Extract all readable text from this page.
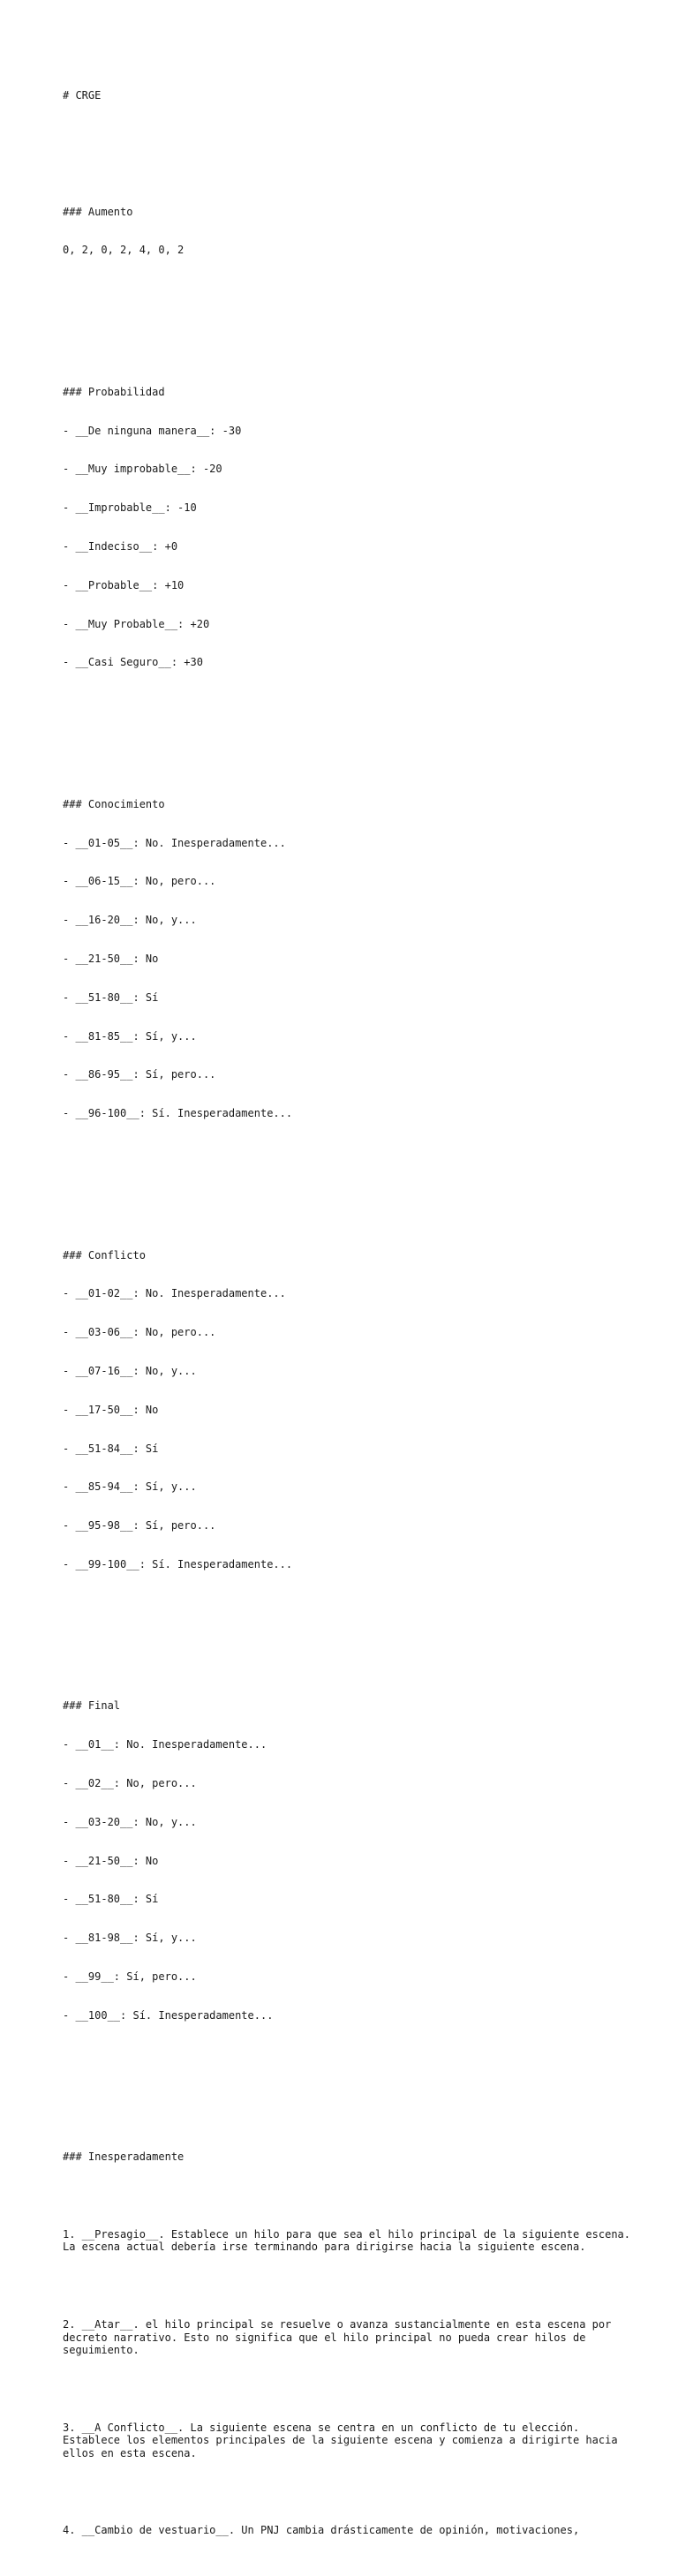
# CRGE

### Aumento

0, 2, 0, 2, 4, 0, 2

### Probabilidad

- __De ninguna manera__: -30

- __Muy improbable__: -20

- __Improbable__: -10

- __Indeciso__: +0

- __Probable__: +10

- __Muy Probable__: +20

- __Casi Seguro__: +30

### Conocimiento

- __01-05__: No. Inesperadamente...

- __06-15__: No, pero...

- __16-20__: No, y...

- __21-50__: No

- __51-80__: Sí

- __81-85__: Sí, y...

- __86-95__: Sí, pero...

- __96-100__: Sí. Inesperadamente...

### Conflicto

- __01-02__: No. Inesperadamente...

- __03-06__: No, pero...

- __07-16__: No, y...

- __17-50__: No

- __51-84__: Sí

- __85-94__: Sí, y...

- __95-98__: Sí, pero...

- __99-100__: Sí. Inesperadamente...

### Final

- __01__: No. Inesperadamente...

- __02__: No, pero...

- __03-20__: No, y...

- __21-50__: No

- __51-80__: Sí

- __81-98__: Sí, y...

- __99__: Sí, pero...

- __100__: Sí. Inesperadamente...

### Inesperadamente

1. __Presagio__. Establece un hilo para que sea el hilo principal de la siguiente escena. La escena actual debería irse terminando para dirigirse hacia la siguiente escena.

2. __Atar__. el hilo principal se resuelve o avanza sustancialmente en esta escena por decreto narrativo. Esto no significa que el hilo principal no pueda crear hilos de seguimiento.

3. __A Conflicto__. La siguiente escena se centra en un conflicto de tu elección. Establece los elementos principales de la siguiente escena y comienza a dirigirte hacia ellos en esta escena.

4. __Cambio de vestuario__. Un PNJ cambia drásticamente de opinión, motivaciones,
